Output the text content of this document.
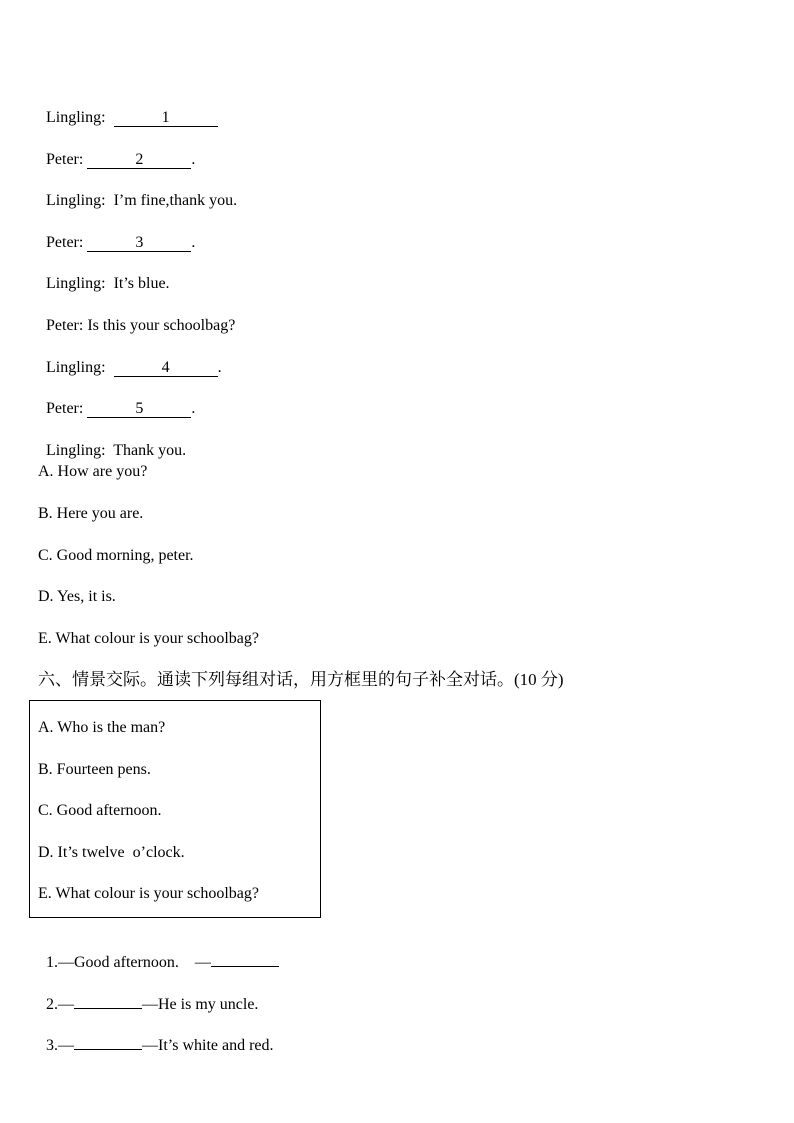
Lingling:	1

Peter:	2	.

Lingling: I’m fine,thank you.

Peter:	3	.

Lingling: It’s blue.

Peter: Is this your schoolbag?

Lingling:	4	.

Peter:	5	.

Lingling: Thank you.

A. How are you?
B. Here you are.
C. Good morning, peter.
D. Yes, it is.
E. What colour is your schoolbag?
六、情景交际。通读下列每组对话，用方框里的句子补全对话。(10 分)
A. Who is the man?
B. Fourteen pens.
C. Good afternoon.
D. It’s twelve  o’clock.
E. What colour is your schoolbag?

1.—Good afternoon. —

2.—	—He is my uncle.

3.—	—It’s white and red.
